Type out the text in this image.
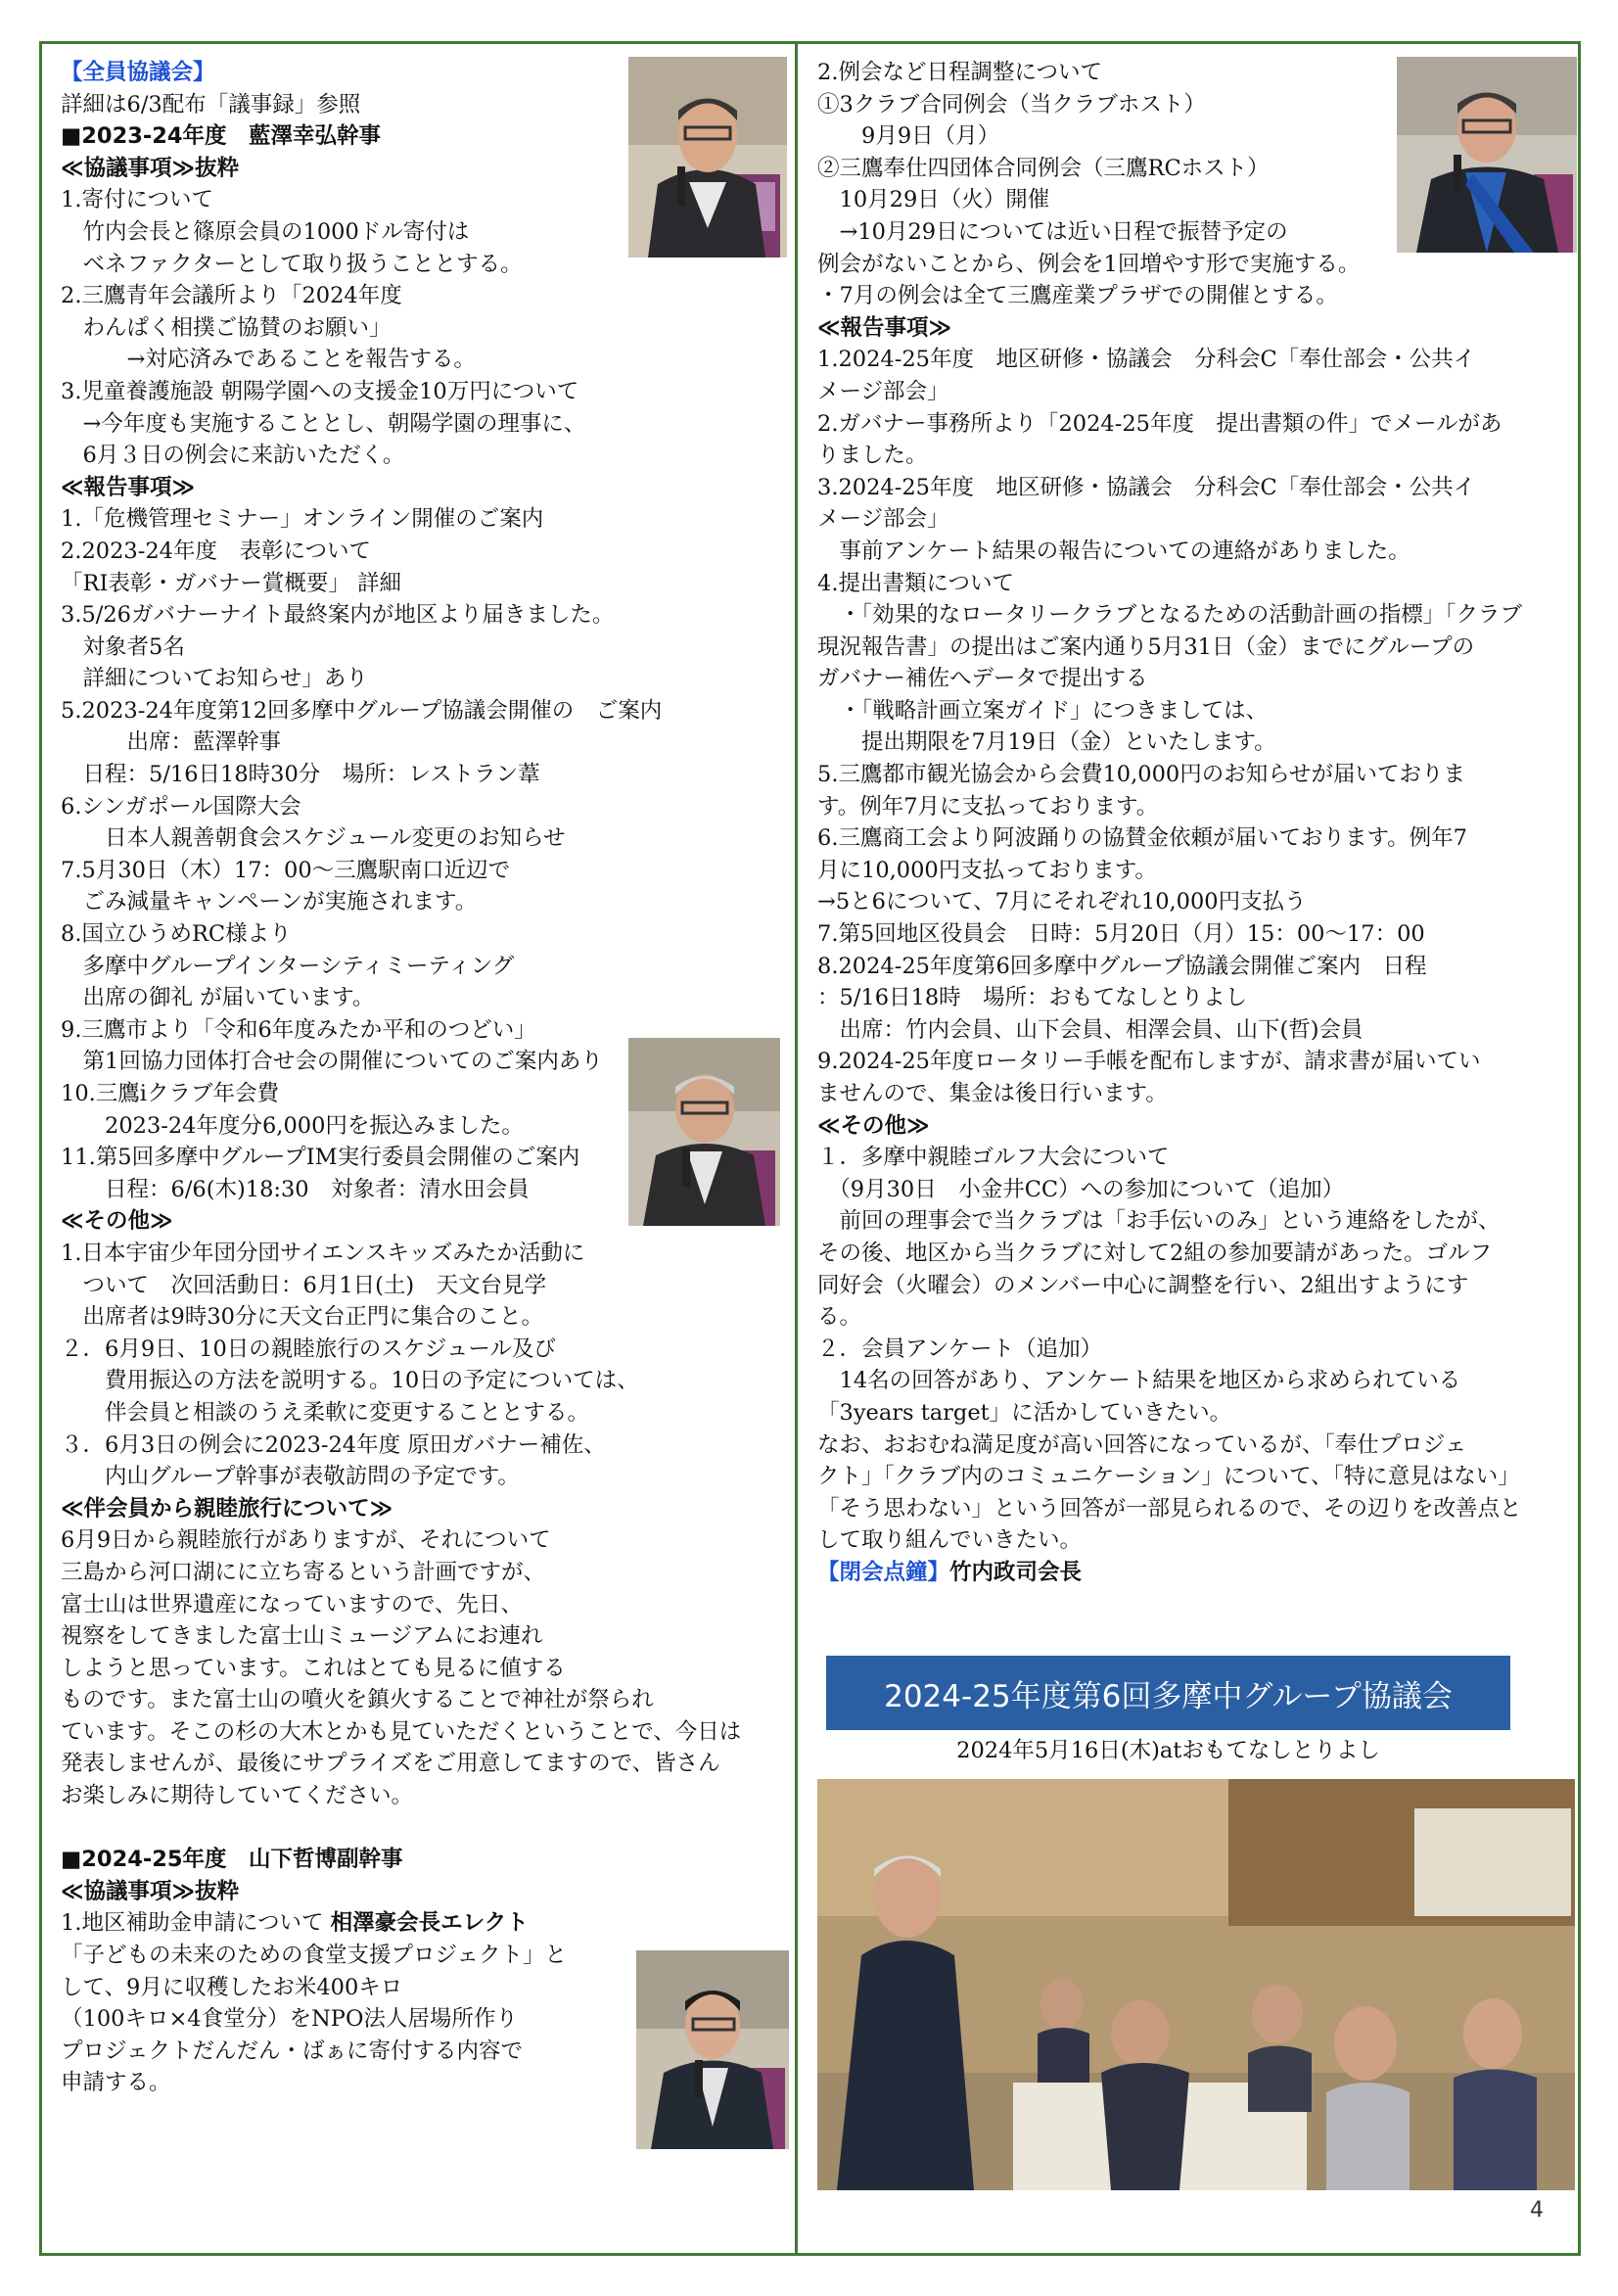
【全員協議会】

詳細は6/3配布「議事録」参照

■2023-24年度　藍澤幸弘幹事

≪協議事項≫抜粋

1.寄付について

　竹内会長と篠原会員の1000ドル寄付は

　ベネファクターとして取り扱うこととする。

2.三鷹青年会議所より「2024年度

　わんぱく相撲ご協賛のお願い」

　　　→対応済みであることを報告する。

3.児童養護施設 朝陽学園への支援金10万円について

　→今年度も実施することとし、朝陽学園の理事に、

　6月３日の例会に来訪いただく。

≪報告事項≫

1.「危機管理セミナー」オンライン開催のご案内

2.2023-24年度　表彰について

「RI表彰・ガバナー賞概要」 詳細

3.5/26ガバナーナイト最終案内が地区より届きました。

　対象者5名

　詳細についてお知らせ」あり

5.2023-24年度第12回多摩中グループ協議会開催の　ご案内

　　　出席：藍澤幹事

　日程：5/16日18時30分　場所：レストラン葦

6.シンガポール国際大会

　　日本人親善朝食会スケジュール変更のお知らせ

7.5月30日（木）17：00～三鷹駅南口近辺で

　ごみ減量キャンペーンが実施されます。

8.国立ひうめRC様より

　多摩中グループインターシティミーティング

　出席の御礼 が届いています。

9.三鷹市より「令和6年度みたか平和のつどい」

　第1回協力団体打合せ会の開催についてのご案内あり

10.三鷹iクラブ年会費

　　2023-24年度分6,000円を振込みました。

11.第5回多摩中グループIM実行委員会開催のご案内

　　日程：6/6(木)18:30　対象者：清水田会員

≪その他≫

1.日本宇宙少年団分団サイエンスキッズみたか活動に

　ついて　次回活動日：6月1日(土)　天文台見学

　出席者は9時30分に天文台正門に集合のこと。

２．6月9日、10日の親睦旅行のスケジュール及び

　　費用振込の方法を説明する。10日の予定については、

　　伴会員と相談のうえ柔軟に変更することとする。

３．6月3日の例会に2023-24年度 原田ガバナー補佐、

　　内山グループ幹事が表敬訪問の予定です。

≪伴会員から親睦旅行について≫

6月9日から親睦旅行がありますが、それについて

三島から河口湖にに立ち寄るという計画ですが、

富士山は世界遺産になっていますので、先日、

視察をしてきました富士山ミュージアムにお連れ

しようと思っています。これはとても見るに値する

ものです。また富士山の噴火を鎮火することで神社が祭られ

ています。そこの杉の大木とかも見ていただくということで、今日は

発表しませんが、最後にサプライズをご用意してますので、皆さん

お楽しみに期待していてください。

■2024-25年度　山下哲博副幹事

≪協議事項≫抜粋

1.地区補助金申請について 相澤豪会長エレクト

「子どもの未来のための食堂支援プロジェクト」と

して、9月に収穫したお米400キロ

（100キロ×4食堂分）をNPO法人居場所作り

プロジェクトだんだん・ばぁに寄付する内容で

申請する。

2.例会など日程調整について

①3クラブ合同例会（当クラブホスト）

　　9月9日（月）

②三鷹奉仕四団体合同例会（三鷹RCホスト）

　10月29日（火）開催

　→10月29日については近い日程で振替予定の

例会がないことから、例会を1回増やす形で実施する。

・7月の例会は全て三鷹産業プラザでの開催とする。

≪報告事項≫

1.2024-25年度　地区研修・協議会　分科会C「奉仕部会・公共イ

メージ部会」

2.ガバナー事務所より「2024-25年度　提出書類の件」でメールがあ

りました。

3.2024-25年度　地区研修・協議会　分科会C「奉仕部会・公共イ

メージ部会」

　事前アンケート結果の報告についての連絡がありました。

4.提出書類について

　・「効果的なロータリークラブとなるための活動計画の指標」「クラブ

現況報告書」の提出はご案内通り5月31日（金）までにグループの

ガバナー補佐へデータで提出する

　・「戦略計画立案ガイド」につきましては、

　　提出期限を7月19日（金）といたします。

5.三鷹都市観光協会から会費10,000円のお知らせが届いておりま

す。例年7月に支払っております。

6.三鷹商工会より阿波踊りの協賛金依頼が届いております。例年7

月に10,000円支払っております。

→5と6について、7月にそれぞれ10,000円支払う

7.第5回地区役員会　日時：5月20日（月）15：00～17：00

8.2024-25年度第6回多摩中グループ協議会開催ご案内　日程

：5/16日18時　場所：おもてなしとりよし

　出席：竹内会員、山下会員、相澤会員、山下(哲)会員

9.2024-25年度ロータリー手帳を配布しますが、請求書が届いてい

ませんので、集金は後日行います。

≪その他≫

１．多摩中親睦ゴルフ大会について

　（9月30日　小金井CC）への参加について（追加）

　前回の理事会で当クラブは「お手伝いのみ」という連絡をしたが、

その後、地区から当クラブに対して2組の参加要請があった。ゴルフ

同好会（火曜会）のメンバー中心に調整を行い、2組出すようにす

る。

２．会員アンケート（追加）

　14名の回答があり、アンケート結果を地区から求められている

「3years target」に活かしていきたい。

なお、おおむね満足度が高い回答になっているが、「奉仕プロジェ

クト」「クラブ内のコミュニケーション」について、「特に意見はない」

「そう思わない」という回答が一部見られるので、その辺りを改善点と

して取り組んでいきたい。

【閉会点鐘】竹内政司会長

2024-25年度第6回多摩中グループ協議会
2024年5月16日(木)atおもてなしとりよし
4
